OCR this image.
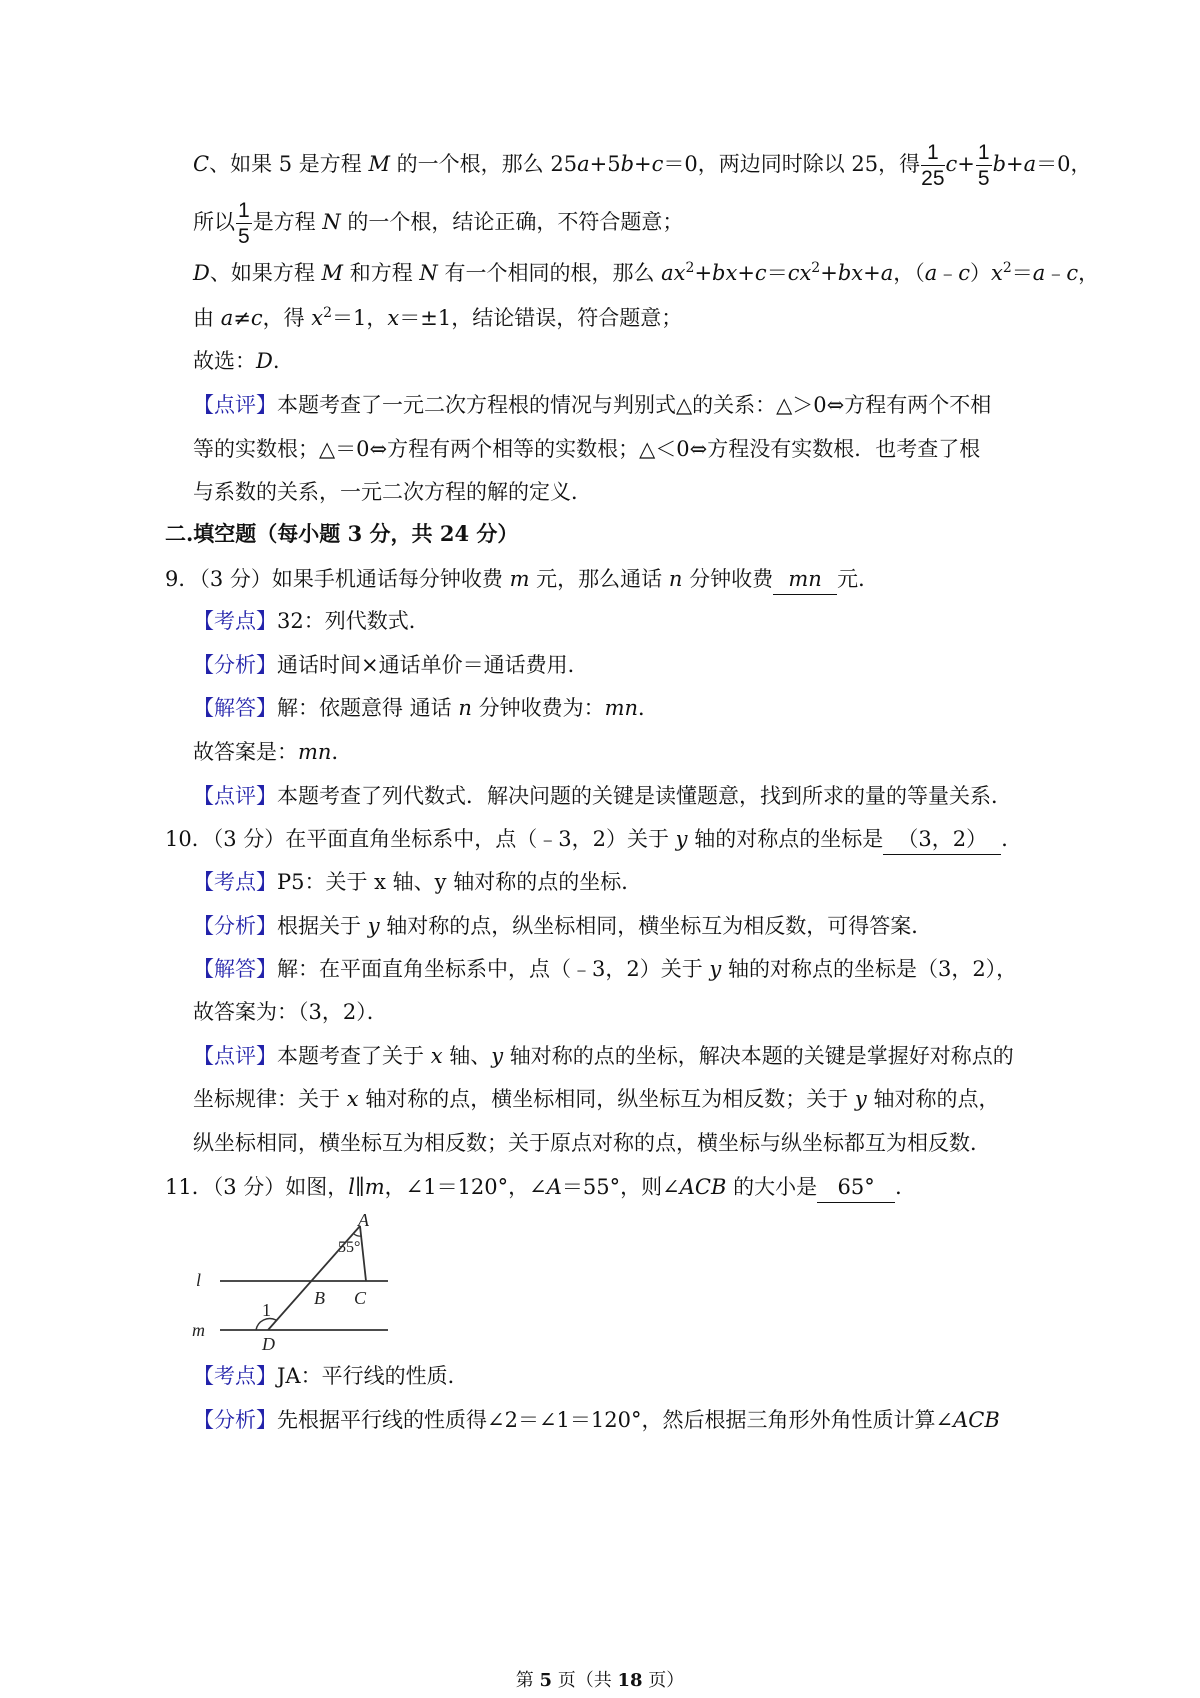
C、如果 5 是方程 M 的一个根，那么 25a+5b+c＝0，两边同时除以 25，得 $\frac{1}{25} c+ \frac{1}{5} b+a=0$，
所以 $\frac{1}{5}$ 是方程 N 的一个根，结论正确，不符合题意；
D、如果方程 M 和方程 N 有一个相同的根，那么 $ax^2+bx+c=cx^2+bx+a$，$(a﹣c)x^2=a﹣c$，
由 a≠c，得 $x^2=1$，x＝±1，结论错误，符合题意；
故选：D.
【点评】本题考查了一元二次方程根的情况与判别式△的关系：△＞0⇔方程有两个不相
等的实数根；△＝0⇔方程有两个相等的实数根；△＜0⇔方程没有实数根．也考查了根
与系数的关系，一元二次方程的解的定义．
二.填空题（每小题 3 分，共 24 分）
9．（3 分）如果手机通话每分钟收费 m 元，那么通话 n 分钟收费 mn 元．
【考点】32：列代数式．
【分析】通话时间×通话单价＝通话费用．
【解答】解：依题意得 通话 n 分钟收费为：mn．
故答案是：mn．
【点评】本题考查了列代数式．解决问题的关键是读懂题意，找到所求的量的等量关系．
10．（3 分）在平面直角坐标系中，点（﹣3，2）关于 y 轴的对称点的坐标是 （3，2） ．
【考点】P5：关于 x 轴、y 轴对称的点的坐标．
【分析】根据关于 y 轴对称的点，纵坐标相同，横坐标互为相反数，可得答案．
【解答】解：在平面直角坐标系中，点（﹣3，2）关于 y 轴的对称点的坐标是（3，2），
故答案为：（3，2）．
【点评】本题考查了关于 x 轴、y 轴对称的点的坐标，解决本题的关键是掌握好对称点的
坐标规律：关于 x 轴对称的点，横坐标相同，纵坐标互为相反数；关于 y 轴对称的点，
纵坐标相同，横坐标互为相反数；关于原点对称的点，横坐标与纵坐标都互为相反数．
11．（3 分）如图，l∥m，∠1＝120°，∠A＝55°，则∠ACB 的大小是 65° ．
A
55°
l
m
1
B C
D
【考点】JA：平行线的性质．
【分析】先根据平行线的性质得∠2＝∠1＝120°，然后根据三角形外角性质计算∠ACB
第 5 页（共 18 页）
